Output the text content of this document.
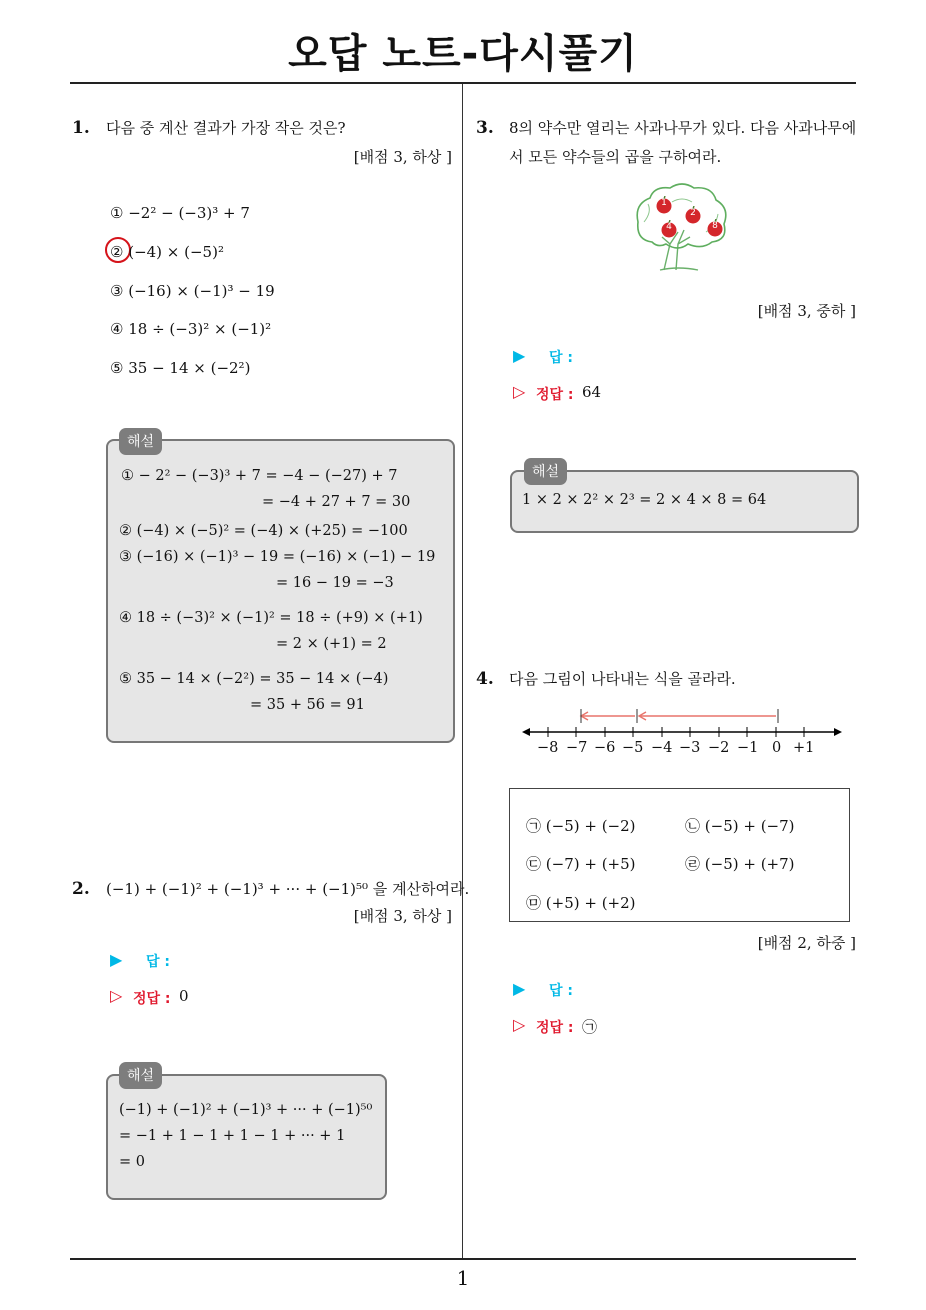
오답 노트-다시풀기
1. 다음 중 계산 결과가 가장 작은 것은?
[배점 3, 하상 ]
① −2² − (−3)³ + 7
② (−4) × (−5)²
③ (−16) × (−1)³ − 19
④ 18 ÷ (−3)² × (−1)²
⑤ 35 − 14 × (−2²)
해설
① − 2² − (−3)³ + 7 = −4 − (−27) + 7
= −4 + 27 + 7 = 30
② (−4) × (−5)² = (−4) × (+25) = −100
③ (−16) × (−1)³ − 19 = (−16) × (−1) − 19
= 16 − 19 = −3
④ 18 ÷ (−3)² × (−1)² = 18 ÷ (+9) × (+1)
= 2 × (+1) = 2
⑤ 35 − 14 × (−2²) = 35 − 14 × (−4)
= 35 + 56 = 91
2. (−1) + (−1)² + (−1)³ + ··· + (−1)⁵⁰ 을 계산하여라.
[배점 3, 하상 ]
▶ 답 :
▷ 정답 : 0
해설
(−1) + (−1)² + (−1)³ + ··· + (−1)⁵⁰
= −1 + 1 − 1 + 1 − 1 + ··· + 1
= 0
3. 8의 약수만 열리는 사과나무가 있다. 다음 사과나무에
서 모든 약수들의 곱을 구하여라.
1
2
4	8
[배점 3, 중하 ]
▶ 답 :
▷ 정답 : 64
해설
1 × 2 × 2² × 2³ = 2 × 4 × 8 = 64
4. 다음 그림이 나타내는 식을 골라라.
−8 −7 −6 −5 −4 −3 −2 −1 0 +1
㉠ (−5) + (−2)	㉡ (−5) + (−7)
㉢ (−7) + (+5)	㉣ (−5) + (+7)
㉤ (+5) + (+2)
[배점 2, 하중 ]
▶ 답 :
▷ 정답 : ㉠
1
